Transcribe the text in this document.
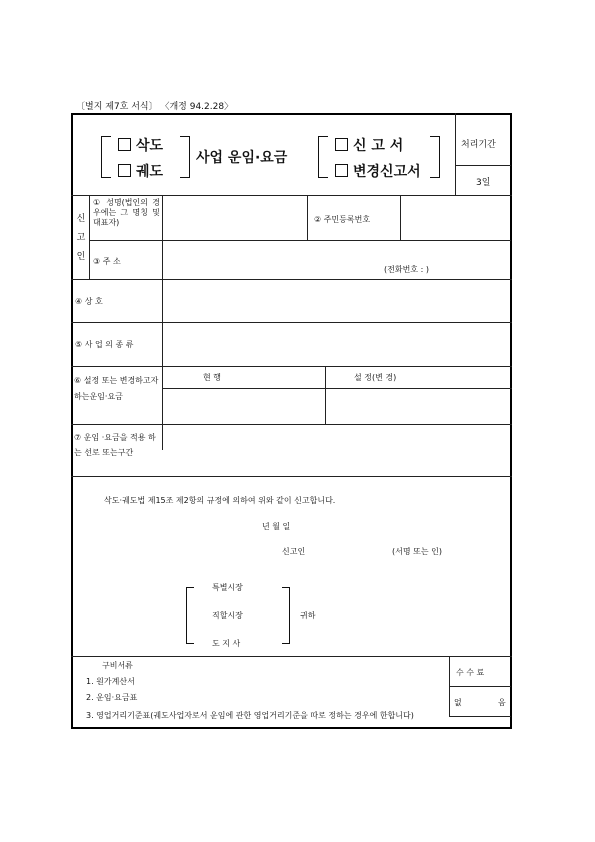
〔별지 제7호 서식〕 〈개정 94.2.28〉
삭도
궤도
사업 운임·요금
신 고 서
변경신고서
처리기간
3일
신 고 인
① 성명(법인의 경우에는 그 명칭 및 대표자)	② 주민등록번호
③ 주 소
(전화번호 : )
④ 상 호
⑤ 사 업 의 종 류
⑥ 설정 또는 변경하고자하는운임·요금
현 행	설 정(변 경)
⑦ 운임 ·요금을 적용 하는 선로 또는구간
삭도·궤도법 제15조 제2항의 규정에 의하여 위와 같이 신고합니다.
년 월 일
신고인	(서명 또는 인)
특별시장
직할시장
도 지 사
귀하
구비서류
1. 원가계산서
2. 운임·요금표
3. 영업거리기준표(궤도사업자로서 운임에 관한 영업거리기준을 따로 정하는 경우에 한합니다)
수 수 료
없	음
